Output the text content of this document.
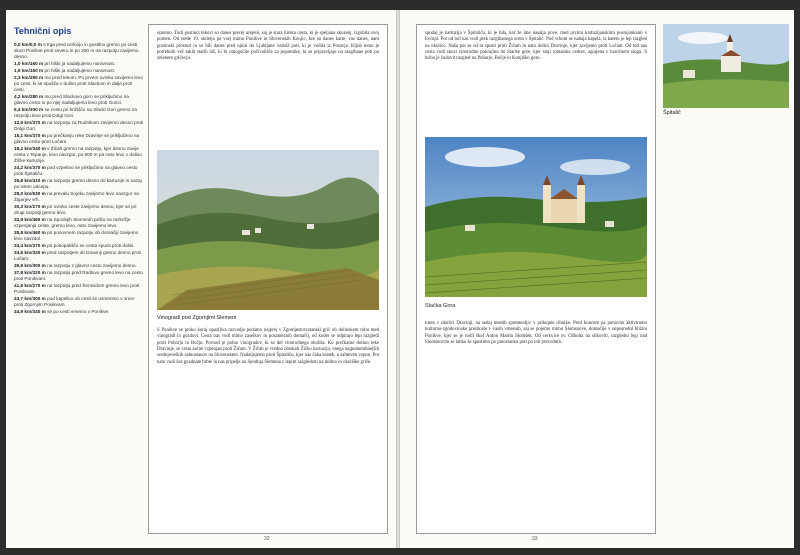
Tehnični opis
0,0 km/0,0 m s trga pred cerkvijo in gostilno gremo po cesti skozi Ponikve proti severu in po 200 m na razpotju zavijemo desno.
1,0 km/160 m pri hiški ja nadaljujemo naravnost.
1,9 km/160 m pri hiški ja nadaljujemo naravnost.
2,3 km/290 m mo pred tekom. Po prvem ovinku zavijemo levo po cesti, ki se spušča v dolino proti Slackom in dalje proti cesti.
4,2 km/280 m mo pred Slackovo goro se priključimo na glavno cesto in po njej nadaljujemo levo proti Gorici.
6,4 km/300 m se cestu pri križišču na Slacki Gori gremo na razpotju levo proti Dolgi Gori.
12,5 km/370 m na razpotju za Rudnikom zavijemo desno proti Dolgi Gori.
15,1 km/370 m po prečkanju reke Dravinje se priključimo na glavno cesto proti Ločam.
18,2 km/340 m v Žičah gremo na razpotju, kjer desno zavije cesta v Tepanje, levo navzgor, po 800 m pa nato levo v dolino Žičke kartuzije.
24,2 km/370 m pod vzpetino se priključimo na glavno cesto proti Špitaliču.
25,8 km/410 m na razpotju gremo desno do kartuzije in nazaj po istem odcepu.
28,0 km/530 m na prevalu Sojeku zavijemo levo navzgor na Žigarjev vrh.
30,3 km/270 m pri ovinku ceste zavijemo desno, kjer se pri drugi razpotji gremo levo.
33,9 km/460 m na Spodnjih Slemenih prišlo na razkrižje vzpenjanja ceste, gremo levo, nato zavijemo levo.
35,8 km/460 m pri ponovnem razpotju ob domačiji zavijemo levo navzdol.
33,4 km/370 m pri pokopališču se cesta spusti proti dolini.
34,5 km/320 m pred razpotjem ob Dravinji gremo desno proti Ločam.
36,9 km/300 m na razpotju z glavno cesto zavijemo desno.
37,8 km/320 m na razpotju pred Radlovo gremo levo na cesto proti Ponikvam.
41,6 km/270 m na razpotju pred Šentvidom gremo levo proti Ponikvam.
43,7 km/300 m pod kapelico ob cesti se usmerimo v smer proti Zgornjim Ponikvam.
44,9 km/340 m se po cesti vrnemo v Ponikve.

opremo. Tudi gostinci tekoví so danes precej urejeni, saj je stara ilirska cesta, ki je speljana skozenj, izgubila svoj pomen. Od srede 19. stoletja po vsej mimo Ponikve in Slovenskih Konjic, kot so danes karte, vas danes, nam gostinski prostori in so bili danes pred njimi do Ljubljane vzdolž poti, ki je vodila iz Posavja. Kljub temu je potrebnih več takih starih hiš, ki bi omogočile počivališče za popotnike, ki se pripravljajo na razgibane poti po zelenem gričevju.

Vinogradi pod Zgornjimi Slemeni

S Ponikve se proko koraj opazljiva razvodja podamo najprej v Zgornjestovrstanski grič ob dolinskem robu med vinogradi in gozdovi. Cesta nas vodi mimo zaselkov in posameznih domačij, od koder se odpirajo lepi razgledi proti Pohorju in Bočju. Povsod je polno vinogradov, ki so del vinorodnega okoliša. Ko prečkamo dolino reke Dravinje, se cesta začne vzpenjati proti Žičam. V Žičah je vredno obiskati Žičko kartuzijo, enega najpomembnejših srednjeveških samostanov na Slovenskem. Nadaljujemo proti Špitaliču, kjer nas čaka kratek, a zahteven vzpon. Pot nato vodi čez gozdnate hrbte in nas pripelje na Spodnja Slemena z lepim razgledom na dolino in okoliške griče.

32

spodaj je kartuzija v Špitaliču, ki je bila, kot že ime nasalja pove, med prvimi kartuzijanskimi postojankami v Evropi. Pot od tod nas vodi prek razgibanega sveta v Špitalič. Pod vrhom se nahaja kapela, iz katere je lep razgled na okolico. Naša pot se od tu spusti proti Žičam in nato dolini Dravinje, kjer zavijemo proti Ločam. Od tod nas cesta vodi skozi vinorodno pokrajino do Slacke gore, kjer stoji romarska cerkev, zgrajena v baročnem slogu. S hriba je čudovit razgled na Pohorje, Bočje in Konjiško goro.

Slačka Gora

turen v okolici Dravinji, na sedaj mestih spremenljiv v prikupne ribnike. Pred koncem pa ponovno aktiviramo kulturno-zgodovinske preizkuše v vasih vmesnih, saj se pojemo mimo Slomsnove, domačije v neposredni bližini Ponikve, kjer se je rodil škof Anton Martin Slomšek. Od cerkvice sv. Ožbolta na slikoviti, razgledni legi nad Slomsnovim se lahko še spustimo po preostanku poti po toh prevodnih.

Špitalič
33
